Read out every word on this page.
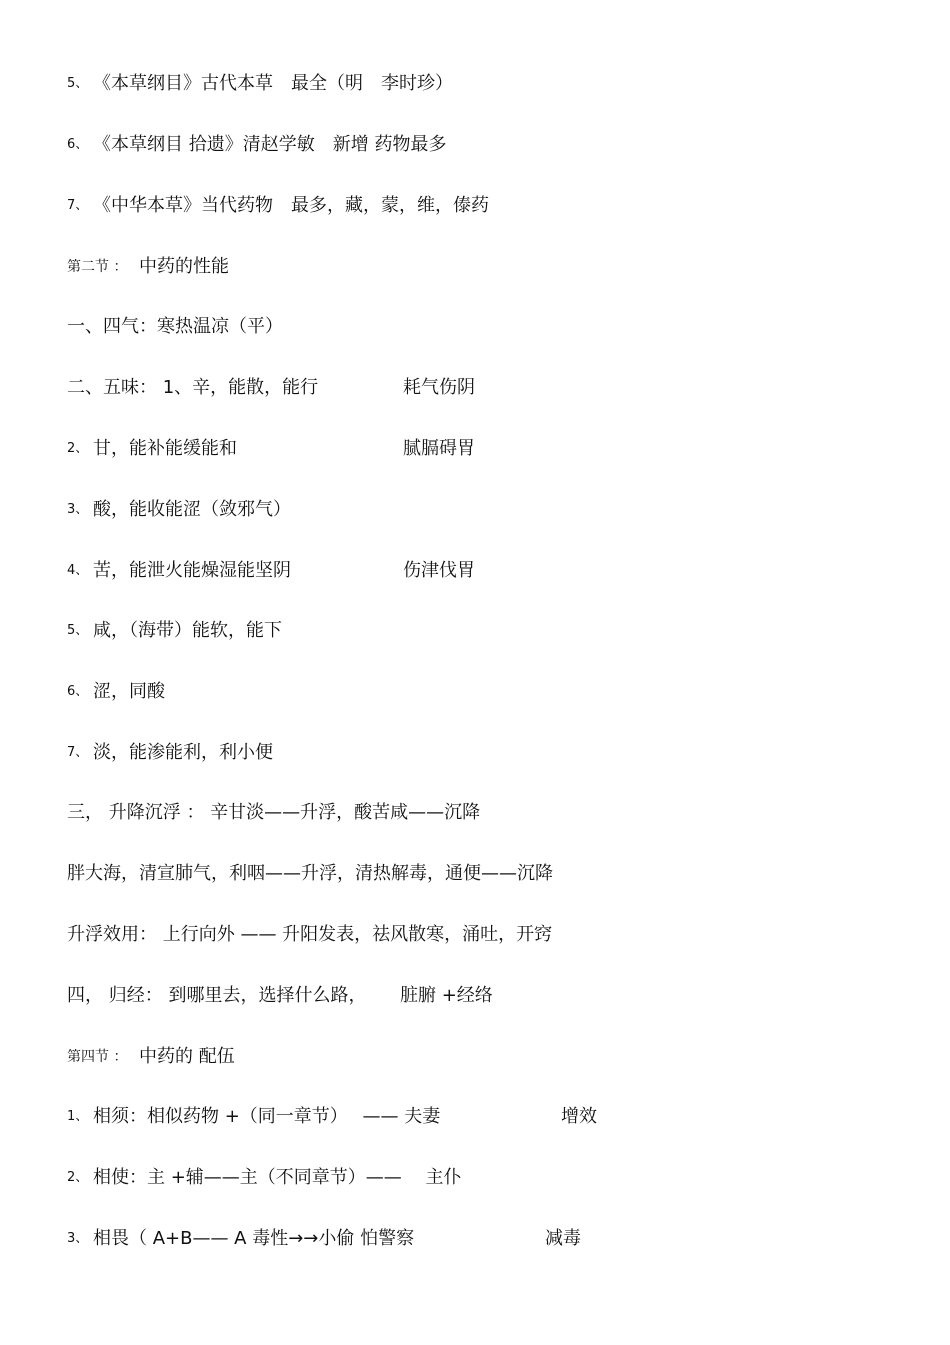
5、 《本草纲目》古代本草　最全（明　李时珍）
6、 《本草纲目 拾遗》清赵学敏　新增 药物最多
7、 《中华本草》当代药物　最多，藏，蒙，维，傣药
第二节 ： 中药的性能
一、四气：寒热温凉（平）
二、五味： 1、辛，能散，能行	耗气伤阴
2、 甘，能补能缓能和	腻膈碍胃
3、 酸，能收能涩（敛邪气）
4、 苦，能泄火能燥湿能坚阴	伤津伐胃
5、 咸，（海带）能软，能下
6、 涩，同酸
7、 淡，能渗能利，利小便
三， 升降沉浮 ： 辛甘淡——升浮，酸苦咸——沉降
胖大海，清宣肺气，利咽——升浮，清热解毒，通便——沉降
升浮效用： 上行向外 —— 升阳发表，祛风散寒，涌吐，开窍
四， 归经： 到哪里去，选择什么路， 脏腑 +经络
第四节 ： 中药的 配伍
1、 相须：相似药物 +（同一章节）　 —— 夫妻	增效
2、 相使：主 +辅——主（不同章节）——　 主仆
3、 相畏（ A+B—— A 毒性→→小偷 怕警察	减毒
